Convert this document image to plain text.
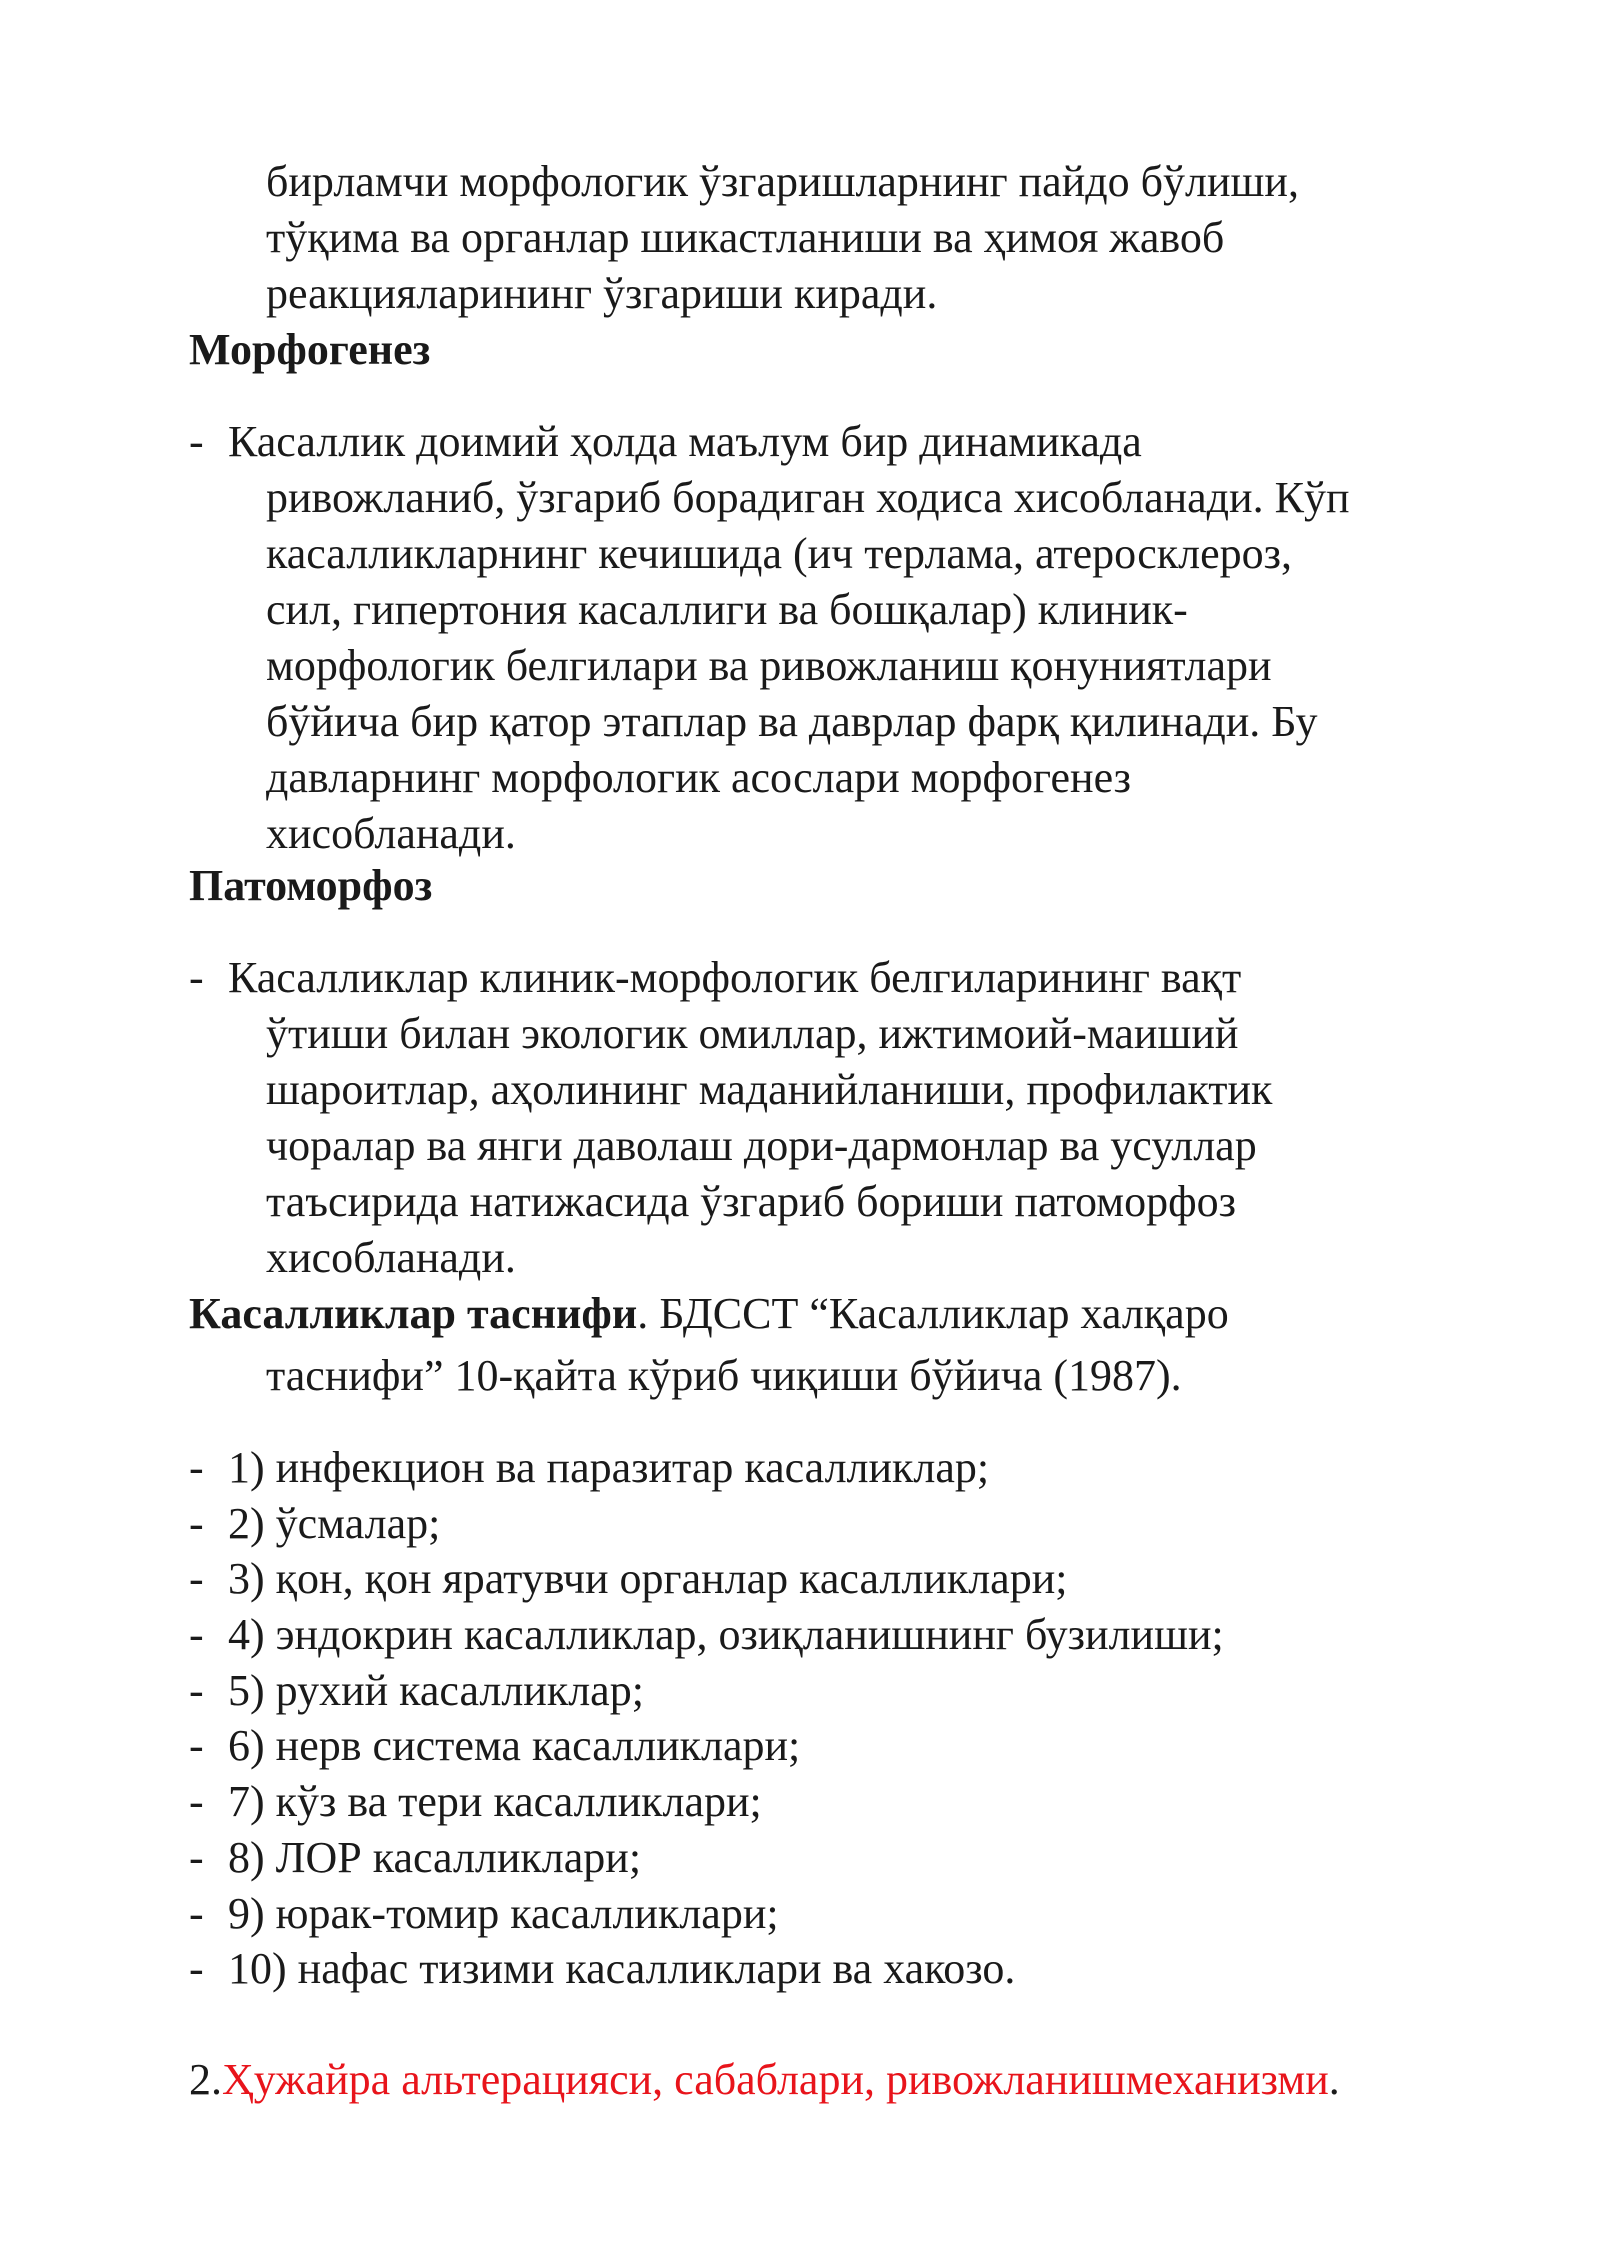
бирламчи морфологик ўзгаришларнинг пайдо бўлиши,
тўқима ва органлар шикастланиши ва ҳимоя жавоб
реакцияларининг ўзгариши киради.
Морфогенез
- Касаллик доимий ҳолда маълум бир динамикада
ривожланиб, ўзгариб борадиган ходиса хисобланади. Кўп
касалликларнинг кечишида (ич терлама, атеросклероз,
сил, гипертония касаллиги ва бошқалар) клиник-
морфологик белгилари ва ривожланиш қонуниятлари
бўйича бир қатор этаплар ва даврлар фарқ қилинади. Бу
давларнинг морфологик асослари морфогенез
хисобланади.
Патоморфоз
- Касалликлар клиник-морфологик белгиларининг вақт
ўтиши билан экологик омиллар, ижтимоий-маиший
шароитлар, аҳолининг маданийланиши, профилактик
чоралар ва янги даволаш дори-дармонлар ва усуллар
таъсирида натижасида ўзгариб бориши патоморфоз
хисобланади.
Касалликлар таснифи. БДССТ “Касалликлар халқаро
таснифи” 10-қайта кўриб чиқиши бўйича (1987).
- 1) инфекцион ва паразитар касалликлар;
- 2) ўсмалар;
- 3) қон, қон яратувчи органлар касалликлари;
- 4) эндокрин касалликлар, озиқланишнинг бузилиши;
- 5) рухий касалликлар;
- 6) нерв система касалликлари;
- 7) кўз ва тери касалликлари;
- 8) ЛОР касалликлари;
- 9) юрак-томир касалликлари;
- 10) нафас тизими касалликлари ва хакозо.
2.Ҳужайра альтерацияси, сабаблари, ривожланишмеханизми.
